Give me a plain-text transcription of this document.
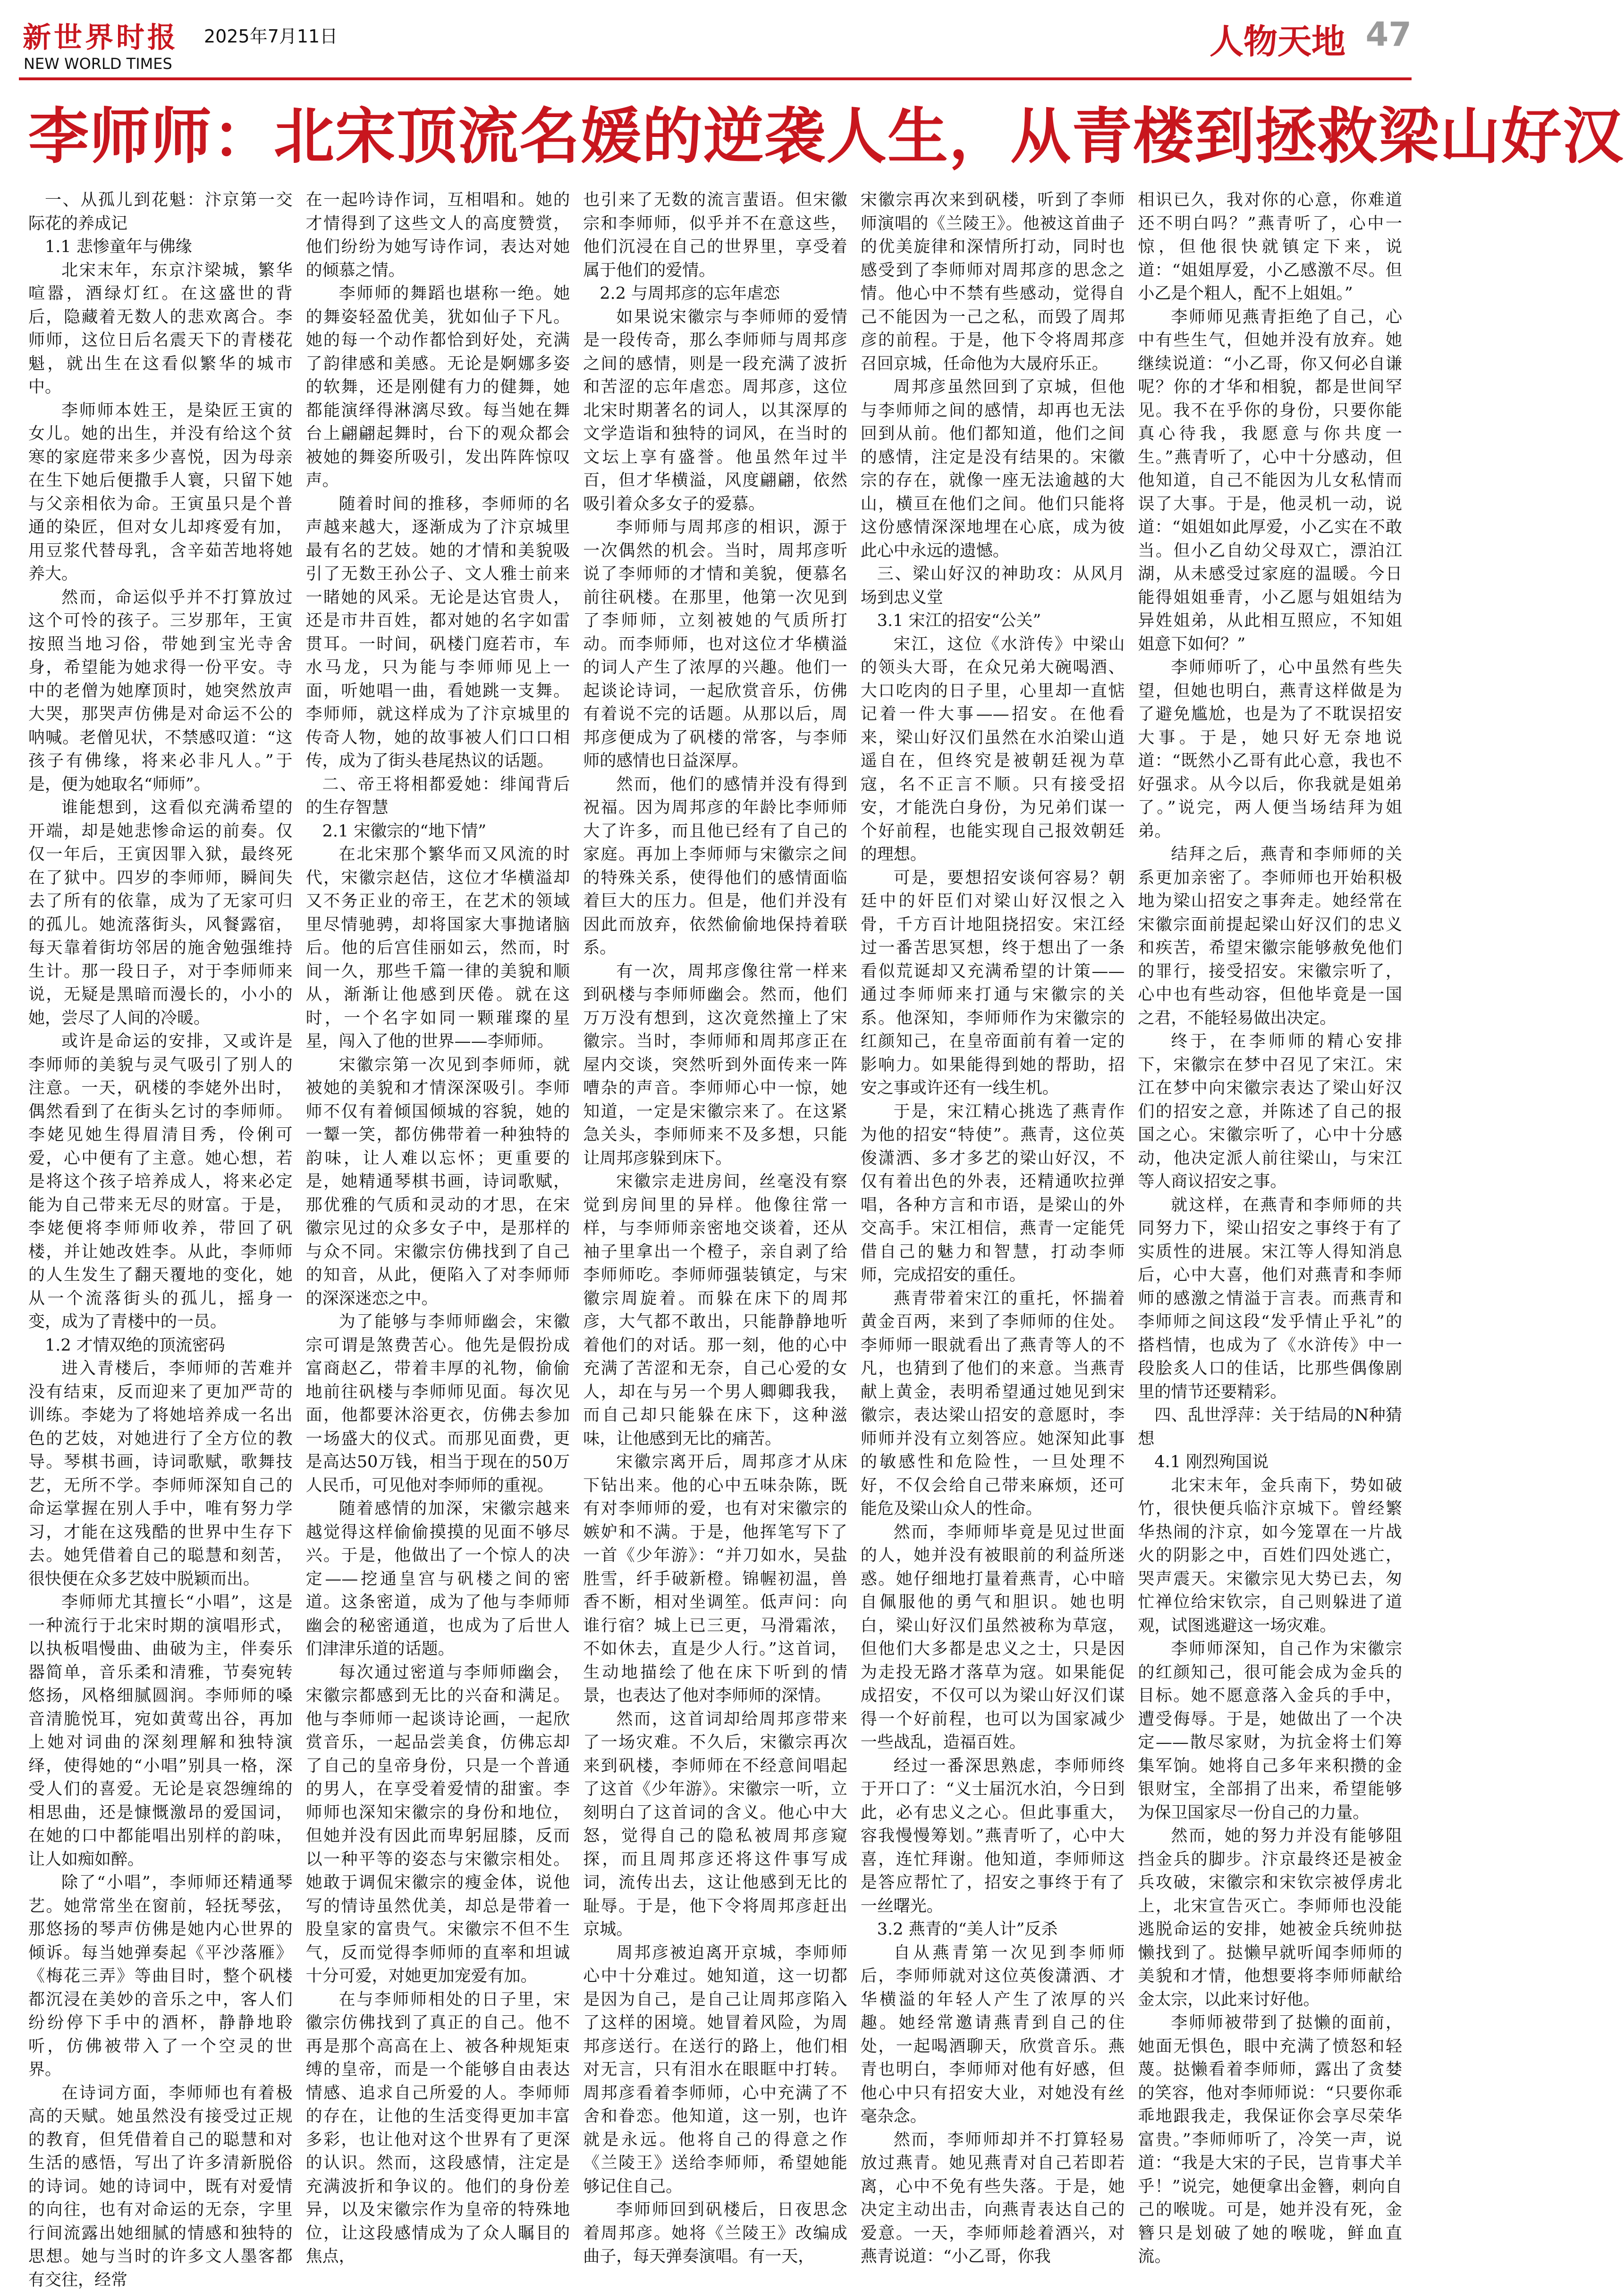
新世界时报 2025年7月11日
NEW WORLD TIMES
人物天地 47
李师师：北宋顶流名媛的逆袭人生，从青楼到拯救梁山好汉

一、从孤儿到花魁：汴京第一交际花的养成记

1.1 悲惨童年与佛缘

北宋末年，东京汴梁城，繁华喧嚣，酒绿灯红。在这盛世的背后，隐藏着无数人的悲欢离合。李师师，这位日后名震天下的青楼花魁，就出生在这看似繁华的城市中。

李师师本姓王，是染匠王寅的女儿。她的出生，并没有给这个贫寒的家庭带来多少喜悦，因为母亲在生下她后便撒手人寰，只留下她与父亲相依为命。王寅虽只是个普通的染匠，但对女儿却疼爱有加，用豆浆代替母乳，含辛茹苦地将她养大。

然而，命运似乎并不打算放过这个可怜的孩子。三岁那年，王寅按照当地习俗，带她到宝光寺舍身，希望能为她求得一份平安。寺中的老僧为她摩顶时，她突然放声大哭，那哭声仿佛是对命运不公的呐喊。老僧见状，不禁感叹道：“这孩子有佛缘，将来必非凡人。”于是，便为她取名“师师”。

谁能想到，这看似充满希望的开端，却是她悲惨命运的前奏。仅仅一年后，王寅因罪入狱，最终死在了狱中。四岁的李师师，瞬间失去了所有的依靠，成为了无家可归的孤儿。她流落街头，风餐露宿，每天靠着街坊邻居的施舍勉强维持生计。那一段日子，对于李师师来说，无疑是黑暗而漫长的，小小的她，尝尽了人间的冷暖。

或许是命运的安排，又或许是李师师的美貌与灵气吸引了别人的注意。一天，矾楼的李姥外出时，偶然看到了在街头乞讨的李师师。李姥见她生得眉清目秀，伶俐可爱，心中便有了主意。她心想，若是将这个孩子培养成人，将来必定能为自己带来无尽的财富。于是，李姥便将李师师收养，带回了矾楼，并让她改姓李。从此，李师师的人生发生了翻天覆地的变化，她从一个流落街头的孤儿，摇身一变，成为了青楼中的一员。

1.2 才情双绝的顶流密码

进入青楼后，李师师的苦难并没有结束，反而迎来了更加严苛的训练。李姥为了将她培养成一名出色的艺妓，对她进行了全方位的教导。琴棋书画，诗词歌赋，歌舞技艺，无所不学。李师师深知自己的命运掌握在别人手中，唯有努力学习，才能在这残酷的世界中生存下去。她凭借着自己的聪慧和刻苦，很快便在众多艺妓中脱颖而出。

李师师尤其擅长“小唱”，这是一种流行于北宋时期的演唱形式，以执板唱慢曲、曲破为主，伴奏乐器简单，音乐柔和清雅，节奏宛转悠扬，风格细腻圆润。李师师的嗓音清脆悦耳，宛如黄莺出谷，再加上她对词曲的深刻理解和独特演绎，使得她的“小唱”别具一格，深受人们的喜爱。无论是哀怨缠绵的相思曲，还是慷慨激昂的爱国词，在她的口中都能唱出别样的韵味，让人如痴如醉。

除了“小唱”，李师师还精通琴艺。她常常坐在窗前，轻抚琴弦，那悠扬的琴声仿佛是她内心世界的倾诉。每当她弹奏起《平沙落雁》《梅花三弄》等曲目时，整个矾楼都沉浸在美妙的音乐之中，客人们纷纷停下手中的酒杯，静静地聆听，仿佛被带入了一个空灵的世界。

在诗词方面，李师师也有着极高的天赋。她虽然没有接受过正规的教育，但凭借着自己的聪慧和对生活的感悟，写出了许多清新脱俗的诗词。她的诗词中，既有对爱情的向往，也有对命运的无奈，字里行间流露出她细腻的情感和独特的思想。她与当时的许多文人墨客都有交往，经常

在一起吟诗作词，互相唱和。她的才情得到了这些文人的高度赞赏，他们纷纷为她写诗作词，表达对她的倾慕之情。

李师师的舞蹈也堪称一绝。她的舞姿轻盈优美，犹如仙子下凡。她的每一个动作都恰到好处，充满了韵律感和美感。无论是婀娜多姿的软舞，还是刚健有力的健舞，她都能演绎得淋漓尽致。每当她在舞台上翩翩起舞时，台下的观众都会被她的舞姿所吸引，发出阵阵惊叹声。

随着时间的推移，李师师的名声越来越大，逐渐成为了汴京城里最有名的艺妓。她的才情和美貌吸引了无数王孙公子、文人雅士前来一睹她的风采。无论是达官贵人，还是市井百姓，都对她的名字如雷贯耳。一时间，矾楼门庭若市，车水马龙，只为能与李师师见上一面，听她唱一曲，看她跳一支舞。李师师，就这样成为了汴京城里的传奇人物，她的故事被人们口口相传，成为了街头巷尾热议的话题。

二、帝王将相都爱她：绯闻背后的生存智慧

2.1 宋徽宗的“地下情”

在北宋那个繁华而又风流的时代，宋徽宗赵佶，这位才华横溢却又不务正业的帝王，在艺术的领域里尽情驰骋，却将国家大事抛诸脑后。他的后宫佳丽如云，然而，时间一久，那些千篇一律的美貌和顺从，渐渐让他感到厌倦。就在这时，一个名字如同一颗璀璨的星星，闯入了他的世界——李师师。

宋徽宗第一次见到李师师，就被她的美貌和才情深深吸引。李师师不仅有着倾国倾城的容貌，她的一颦一笑，都仿佛带着一种独特的韵味，让人难以忘怀；更重要的是，她精通琴棋书画，诗词歌赋，那优雅的气质和灵动的才思，在宋徽宗见过的众多女子中，是那样的与众不同。宋徽宗仿佛找到了自己的知音，从此，便陷入了对李师师的深深迷恋之中。

为了能够与李师师幽会，宋徽宗可谓是煞费苦心。他先是假扮成富商赵乙，带着丰厚的礼物，偷偷地前往矾楼与李师师见面。每次见面，他都要沐浴更衣，仿佛去参加一场盛大的仪式。而那见面费，更是高达50万钱，相当于现在的50万人民币，可见他对李师师的重视。

随着感情的加深，宋徽宗越来越觉得这样偷偷摸摸的见面不够尽兴。于是，他做出了一个惊人的决定——挖通皇宫与矾楼之间的密道。这条密道，成为了他与李师师幽会的秘密通道，也成为了后世人们津津乐道的话题。

每次通过密道与李师师幽会，宋徽宗都感到无比的兴奋和满足。他与李师师一起谈诗论画，一起欣赏音乐，一起品尝美食，仿佛忘却了自己的皇帝身份，只是一个普通的男人，在享受着爱情的甜蜜。李师师也深知宋徽宗的身份和地位，但她并没有因此而卑躬屈膝，反而以一种平等的姿态与宋徽宗相处。她敢于调侃宋徽宗的瘦金体，说他写的情诗虽然优美，却总是带着一股皇家的富贵气。宋徽宗不但不生气，反而觉得李师师的直率和坦诚十分可爱，对她更加宠爱有加。

在与李师师相处的日子里，宋徽宗仿佛找到了真正的自己。他不再是那个高高在上、被各种规矩束缚的皇帝，而是一个能够自由表达情感、追求自己所爱的人。李师师的存在，让他的生活变得更加丰富多彩，也让他对这个世界有了更深的认识。然而，这段感情，注定是充满波折和争议的。他们的身份差异，以及宋徽宗作为皇帝的特殊地位，让这段感情成为了众人瞩目的焦点，

也引来了无数的流言蜚语。但宋徽宗和李师师，似乎并不在意这些，他们沉浸在自己的世界里，享受着属于他们的爱情。

2.2 与周邦彦的忘年虐恋

如果说宋徽宗与李师师的爱情是一段传奇，那么李师师与周邦彦之间的感情，则是一段充满了波折和苦涩的忘年虐恋。周邦彦，这位北宋时期著名的词人，以其深厚的文学造诣和独特的词风，在当时的文坛上享有盛誉。他虽然年过半百，但才华横溢，风度翩翩，依然吸引着众多女子的爱慕。

李师师与周邦彦的相识，源于一次偶然的机会。当时，周邦彦听说了李师师的才情和美貌，便慕名前往矾楼。在那里，他第一次见到了李师师，立刻被她的气质所打动。而李师师，也对这位才华横溢的词人产生了浓厚的兴趣。他们一起谈论诗词，一起欣赏音乐，仿佛有着说不完的话题。从那以后，周邦彦便成为了矾楼的常客，与李师师的感情也日益深厚。

然而，他们的感情并没有得到祝福。因为周邦彦的年龄比李师师大了许多，而且他已经有了自己的家庭。再加上李师师与宋徽宗之间的特殊关系，使得他们的感情面临着巨大的压力。但是，他们并没有因此而放弃，依然偷偷地保持着联系。

有一次，周邦彦像往常一样来到矾楼与李师师幽会。然而，他们万万没有想到，这次竟然撞上了宋徽宗。当时，李师师和周邦彦正在屋内交谈，突然听到外面传来一阵嘈杂的声音。李师师心中一惊，她知道，一定是宋徽宗来了。在这紧急关头，李师师来不及多想，只能让周邦彦躲到床下。

宋徽宗走进房间，丝毫没有察觉到房间里的异样。他像往常一样，与李师师亲密地交谈着，还从袖子里拿出一个橙子，亲自剥了给李师师吃。李师师强装镇定，与宋徽宗周旋着。而躲在床下的周邦彦，大气都不敢出，只能静静地听着他们的对话。那一刻，他的心中充满了苦涩和无奈，自己心爱的女人，却在与另一个男人卿卿我我，而自己却只能躲在床下，这种滋味，让他感到无比的痛苦。

宋徽宗离开后，周邦彦才从床下钻出来。他的心中五味杂陈，既有对李师师的爱，也有对宋徽宗的嫉妒和不满。于是，他挥笔写下了一首《少年游》：“并刀如水，吴盐胜雪，纤手破新橙。锦幄初温，兽香不断，相对坐调笙。低声问：向谁行宿？城上已三更，马滑霜浓，不如休去，直是少人行。”这首词，生动地描绘了他在床下听到的情景，也表达了他对李师师的深情。

然而，这首词却给周邦彦带来了一场灾难。不久后，宋徽宗再次来到矾楼，李师师在不经意间唱起了这首《少年游》。宋徽宗一听，立刻明白了这首词的含义。他心中大怒，觉得自己的隐私被周邦彦窥探，而且周邦彦还将这件事写成词，流传出去，这让他感到无比的耻辱。于是，他下令将周邦彦赶出京城。

周邦彦被迫离开京城，李师师心中十分难过。她知道，这一切都是因为自己，是自己让周邦彦陷入了这样的困境。她冒着风险，为周邦彦送行。在送行的路上，他们相对无言，只有泪水在眼眶中打转。周邦彦看着李师师，心中充满了不舍和眷恋。他知道，这一别，也许就是永远。他将自己的得意之作《兰陵王》送给李师师，希望她能够记住自己。

李师师回到矾楼后，日夜思念着周邦彦。她将《兰陵王》改编成曲子，每天弹奏演唱。有一天，

宋徽宗再次来到矾楼，听到了李师师演唱的《兰陵王》。他被这首曲子的优美旋律和深情所打动，同时也感受到了李师师对周邦彦的思念之情。他心中不禁有些感动，觉得自己不能因为一己之私，而毁了周邦彦的前程。于是，他下令将周邦彦召回京城，任命他为大晟府乐正。

周邦彦虽然回到了京城，但他与李师师之间的感情，却再也无法回到从前。他们都知道，他们之间的感情，注定是没有结果的。宋徽宗的存在，就像一座无法逾越的大山，横亘在他们之间。他们只能将这份感情深深地埋在心底，成为彼此心中永远的遗憾。

三、梁山好汉的神助攻：从风月场到忠义堂

3.1 宋江的招安“公关”

宋江，这位《水浒传》中梁山的领头大哥，在众兄弟大碗喝酒、大口吃肉的日子里，心里却一直惦记着一件大事——招安。在他看来，梁山好汉们虽然在水泊梁山逍遥自在，但终究是被朝廷视为草寇，名不正言不顺。只有接受招安，才能洗白身份，为兄弟们谋一个好前程，也能实现自己报效朝廷的理想。

可是，要想招安谈何容易？朝廷中的奸臣们对梁山好汉恨之入骨，千方百计地阻挠招安。宋江经过一番苦思冥想，终于想出了一条看似荒诞却又充满希望的计策——通过李师师来打通与宋徽宗的关系。他深知，李师师作为宋徽宗的红颜知己，在皇帝面前有着一定的影响力。如果能得到她的帮助，招安之事或许还有一线生机。

于是，宋江精心挑选了燕青作为他的招安“特使”。燕青，这位英俊潇洒、多才多艺的梁山好汉，不仅有着出色的外表，还精通吹拉弹唱，各种方言和市语，是梁山的外交高手。宋江相信，燕青一定能凭借自己的魅力和智慧，打动李师师，完成招安的重任。

燕青带着宋江的重托，怀揣着黄金百两，来到了李师师的住处。李师师一眼就看出了燕青等人的不凡，也猜到了他们的来意。当燕青献上黄金，表明希望通过她见到宋徽宗，表达梁山招安的意愿时，李师师并没有立刻答应。她深知此事的敏感性和危险性，一旦处理不好，不仅会给自己带来麻烦，还可能危及梁山众人的性命。

然而，李师师毕竟是见过世面的人，她并没有被眼前的利益所迷惑。她仔细地打量着燕青，心中暗自佩服他的勇气和胆识。她也明白，梁山好汉们虽然被称为草寇，但他们大多都是忠义之士，只是因为走投无路才落草为寇。如果能促成招安，不仅可以为梁山好汉们谋得一个好前程，也可以为国家减少一些战乱，造福百姓。

经过一番深思熟虑，李师师终于开口了：“义士届沉水泊，今日到此，必有忠义之心。但此事重大，容我慢慢筹划。”燕青听了，心中大喜，连忙拜谢。他知道，李师师这是答应帮忙了，招安之事终于有了一丝曙光。

3.2 燕青的“美人计”反杀

自从燕青第一次见到李师师后，李师师就对这位英俊潇洒、才华横溢的年轻人产生了浓厚的兴趣。她经常邀请燕青到自己的住处，一起喝酒聊天，欣赏音乐。燕青也明白，李师师对他有好感，但他心中只有招安大业，对她没有丝毫杂念。

然而，李师师却并不打算轻易放过燕青。她见燕青对自己若即若离，心中不免有些失落。于是，她决定主动出击，向燕青表达自己的爱意。一天，李师师趁着酒兴，对燕青说道：“小乙哥，你我

相识已久，我对你的心意，你难道还不明白吗？”燕青听了，心中一惊，但他很快就镇定下来，说道：“姐姐厚爱，小乙感激不尽。但小乙是个粗人，配不上姐姐。”

李师师见燕青拒绝了自己，心中有些生气，但她并没有放弃。她继续说道：“小乙哥，你又何必自谦呢？你的才华和相貌，都是世间罕见。我不在乎你的身份，只要你能真心待我，我愿意与你共度一生。”燕青听了，心中十分感动，但他知道，自己不能因为儿女私情而误了大事。于是，他灵机一动，说道：“姐姐如此厚爱，小乙实在不敢当。但小乙自幼父母双亡，漂泊江湖，从未感受过家庭的温暖。今日能得姐姐垂青，小乙愿与姐姐结为异姓姐弟，从此相互照应，不知姐姐意下如何？”

李师师听了，心中虽然有些失望，但她也明白，燕青这样做是为了避免尴尬，也是为了不耽误招安大事。于是，她只好无奈地说道：“既然小乙哥有此心意，我也不好强求。从今以后，你我就是姐弟了。”说完，两人便当场结拜为姐弟。

结拜之后，燕青和李师师的关系更加亲密了。李师师也开始积极地为梁山招安之事奔走。她经常在宋徽宗面前提起梁山好汉们的忠义和疾苦，希望宋徽宗能够赦免他们的罪行，接受招安。宋徽宗听了，心中也有些动容，但他毕竟是一国之君，不能轻易做出决定。

终于，在李师师的精心安排下，宋徽宗在梦中召见了宋江。宋江在梦中向宋徽宗表达了梁山好汉们的招安之意，并陈述了自己的报国之心。宋徽宗听了，心中十分感动，他决定派人前往梁山，与宋江等人商议招安之事。

就这样，在燕青和李师师的共同努力下，梁山招安之事终于有了实质性的进展。宋江等人得知消息后，心中大喜，他们对燕青和李师师的感激之情溢于言表。而燕青和李师师之间这段“发乎情止乎礼”的搭档情，也成为了《水浒传》中一段脍炙人口的佳话，比那些偶像剧里的情节还要精彩。

四、乱世浮萍：关于结局的N种猜想

4.1 刚烈殉国说

北宋末年，金兵南下，势如破竹，很快便兵临汴京城下。曾经繁华热闹的汴京，如今笼罩在一片战火的阴影之中，百姓们四处逃亡，哭声震天。宋徽宗见大势已去，匆忙禅位给宋钦宗，自己则躲进了道观，试图逃避这一场灾难。

李师师深知，自己作为宋徽宗的红颜知己，很可能会成为金兵的目标。她不愿意落入金兵的手中，遭受侮辱。于是，她做出了一个决定——散尽家财，为抗金将士们筹集军饷。她将自己多年来积攒的金银财宝，全部捐了出来，希望能够为保卫国家尽一份自己的力量。

然而，她的努力并没有能够阻挡金兵的脚步。汴京最终还是被金兵攻破，宋徽宗和宋钦宗被俘虏北上，北宋宣告灭亡。李师师也没能逃脱命运的安排，她被金兵统帅挞懒找到了。挞懒早就听闻李师师的美貌和才情，他想要将李师师献给金太宗，以此来讨好他。

李师师被带到了挞懒的面前，她面无惧色，眼中充满了愤怒和轻蔑。挞懒看着李师师，露出了贪婪的笑容，他对李师师说：“只要你乖乖地跟我走，我保证你会享尽荣华富贵。”李师师听了，冷笑一声，说道：“我是大宋的子民，岂肯事犬羊乎！”说完，她便拿出金簪，刺向自己的喉咙。可是，她并没有死，金簪只是划破了她的喉咙，鲜血直流。
